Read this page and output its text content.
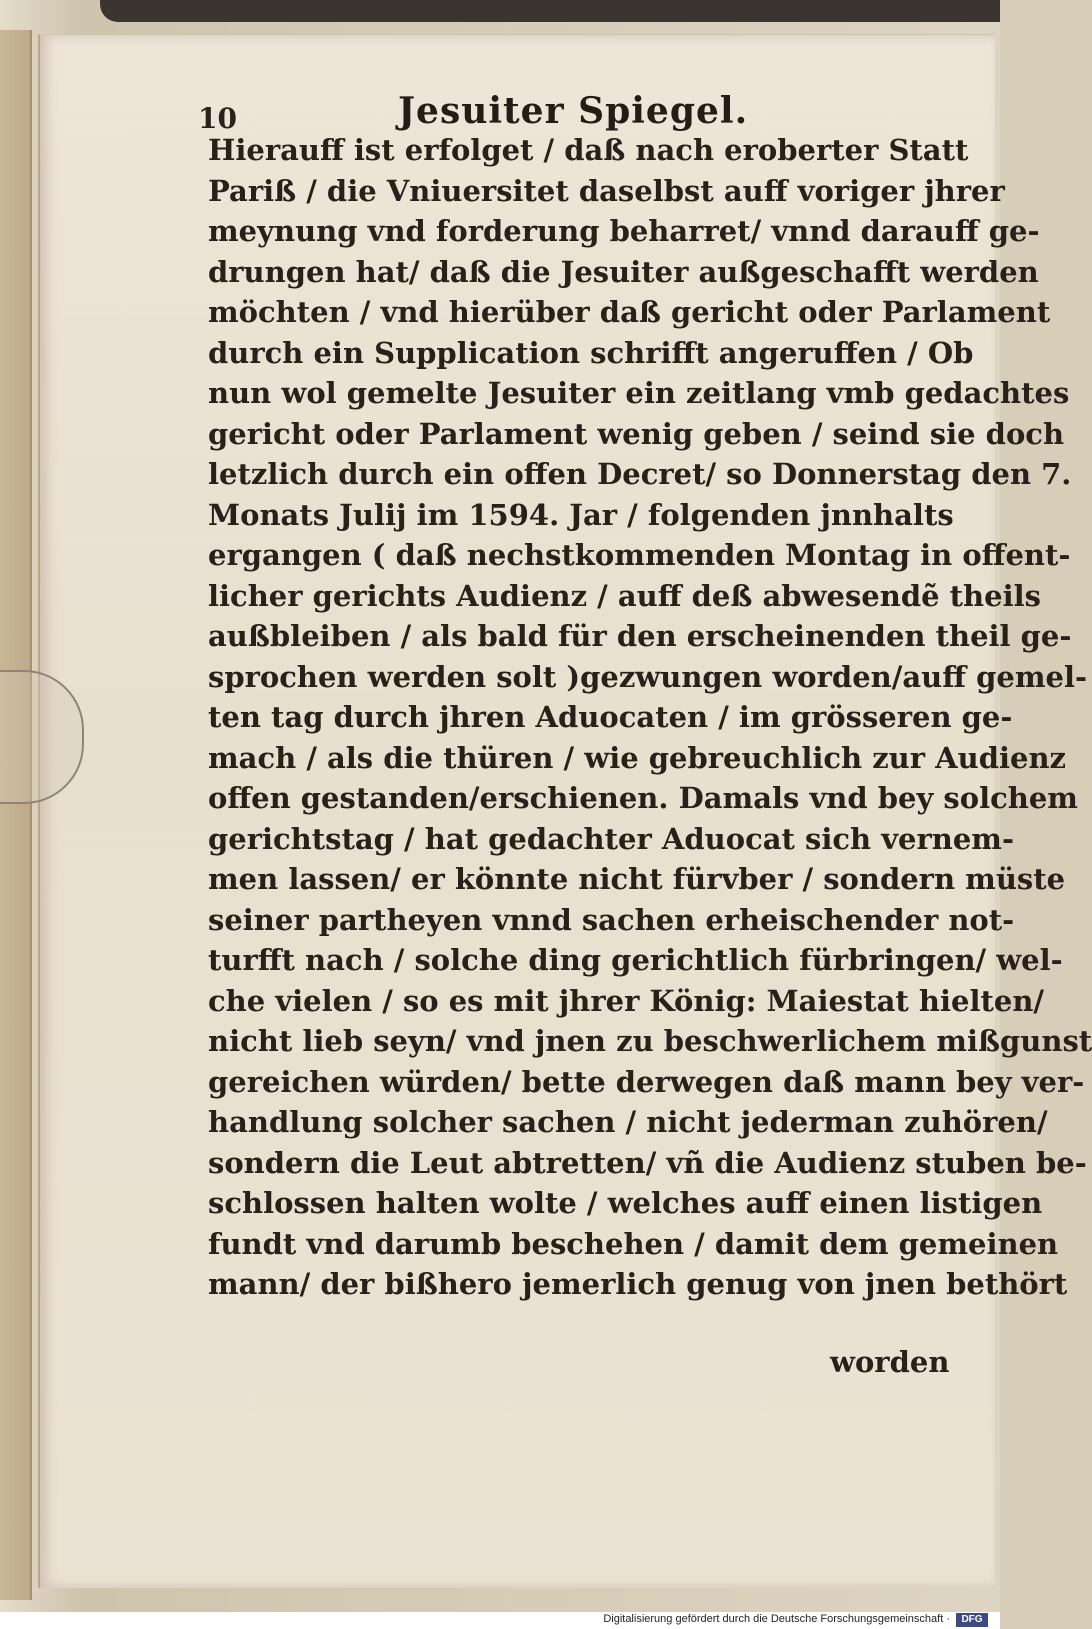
10	Jesuiter Spiegel.
Hierauff ist erfolget / daß nach eroberter Statt
Pariß / die Vniuersitet daselbst auff voriger jhrer
meynung vnd forderung beharret/ vnnd darauff ge-
drungen hat/ daß die Jesuiter außgeschafft werden
möchten / vnd hierüber daß gericht oder Parlament
durch ein Supplication schrifft angeruffen / Ob
nun wol gemelte Jesuiter ein zeitlang vmb gedachtes
gericht oder Parlament wenig geben / seind sie doch
letzlich durch ein offen Decret/ so Donnerstag den 7.
Monats Julij im 1594. Jar / folgenden jnnhalts
ergangen ( daß nechstkommenden Montag in offent-
licher gerichts Audienz / auff deß abwesendẽ theils
außbleiben / als bald für den erscheinenden theil ge-
sprochen werden solt )gezwungen worden/auff gemel-
ten tag durch jhren Aduocaten / im grösseren ge-
mach / als die thüren / wie gebreuchlich zur Audienz
offen gestanden/erschienen. Damals vnd bey solchem
gerichtstag / hat gedachter Aduocat sich vernem-
men lassen/ er könnte nicht fürvber / sondern müste
seiner partheyen vnnd sachen erheischender not-
turfft nach / solche ding gerichtlich fürbringen/ wel-
che vielen / so es mit jhrer König: Maiestat hielten/
nicht lieb seyn/ vnd jnen zu beschwerlichem mißgunst
gereichen würden/ bette derwegen daß mann bey ver-
handlung solcher sachen / nicht jederman zuhören/
sondern die Leut abtretten/ vñ die Audienz stuben be-
schlossen halten wolte / welches auff einen listigen
fundt vnd darumb beschehen / damit dem gemeinen
mann/ der bißhero jemerlich genug von jnen bethört
worden
Digitalisierung gefördert durch die Deutsche Forschungsgemeinschaft ·	DFG
